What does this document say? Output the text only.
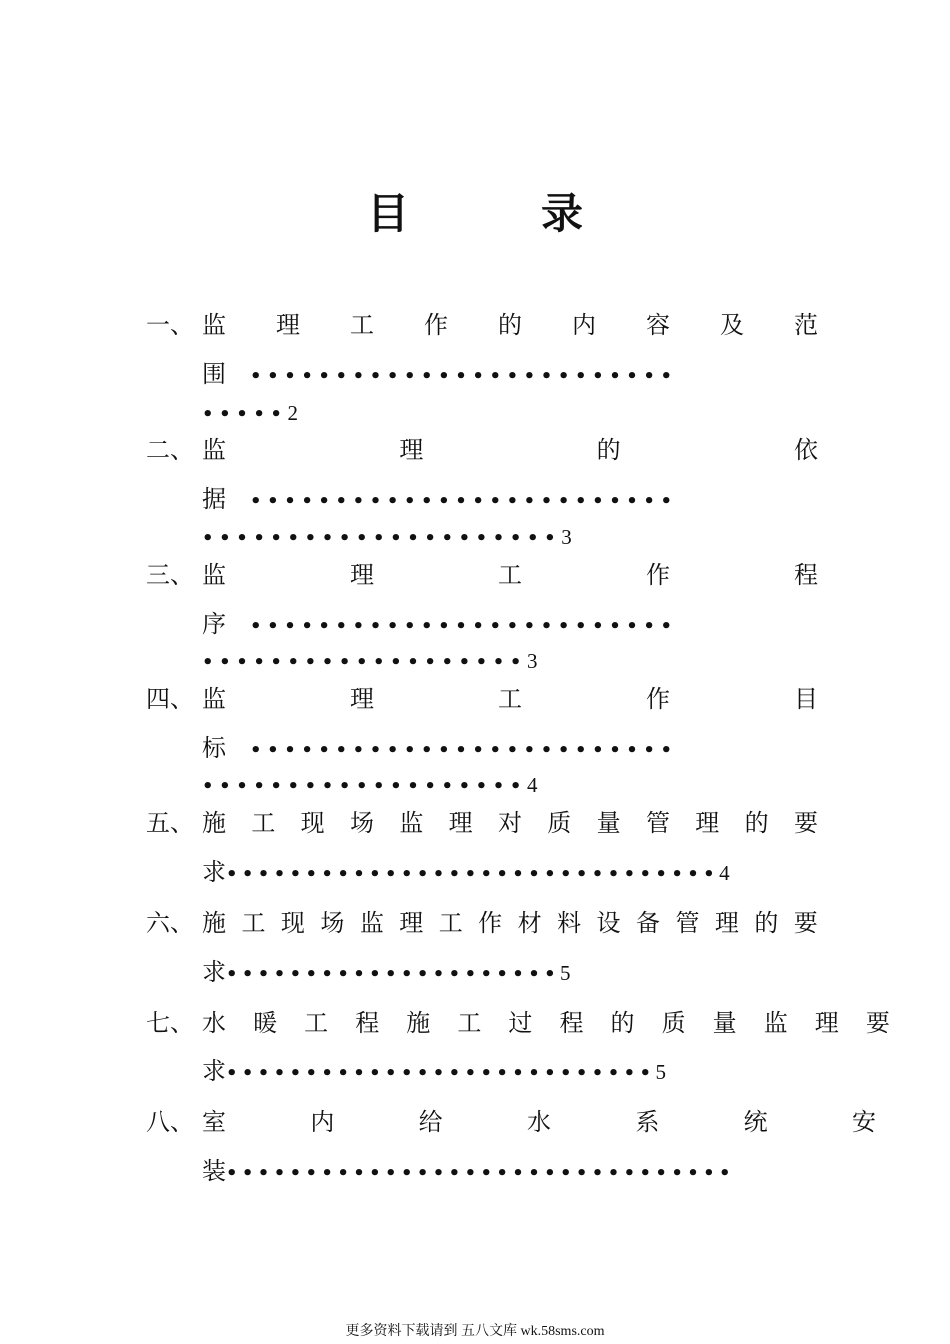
目	录
一、 监 理 工 作 的 内 容 及 范
围 •••••••••••••••••••••••••
•••••2
二、 监	理	的	依
据 •••••••••••••••••••••••••
•••••••••••••••••••••3
三、 监	理	工	作	程
序 •••••••••••••••••••••••••
•••••••••••••••••••3
四、 监	理	工	作	目
标 •••••••••••••••••••••••••
•••••••••••••••••••4
五、 施 工 现 场 监 理 对 质 量 管 理 的 要
求•••••••••••••••••••••••••••••••4
六、 施 工 现 场 监 理 工 作 材 料 设 备 管 理 的 要
求•••••••••••••••••••••5
七、 水 暖 工 程 施 工 过 程 的 质 量 监 理 要
求•••••••••••••••••••••••••••5
八、 室	内	给	水	系	统	安
装••••••••••••••••••••••••••••••••
更多资料下载请到 五八文库 wk.58sms.com
